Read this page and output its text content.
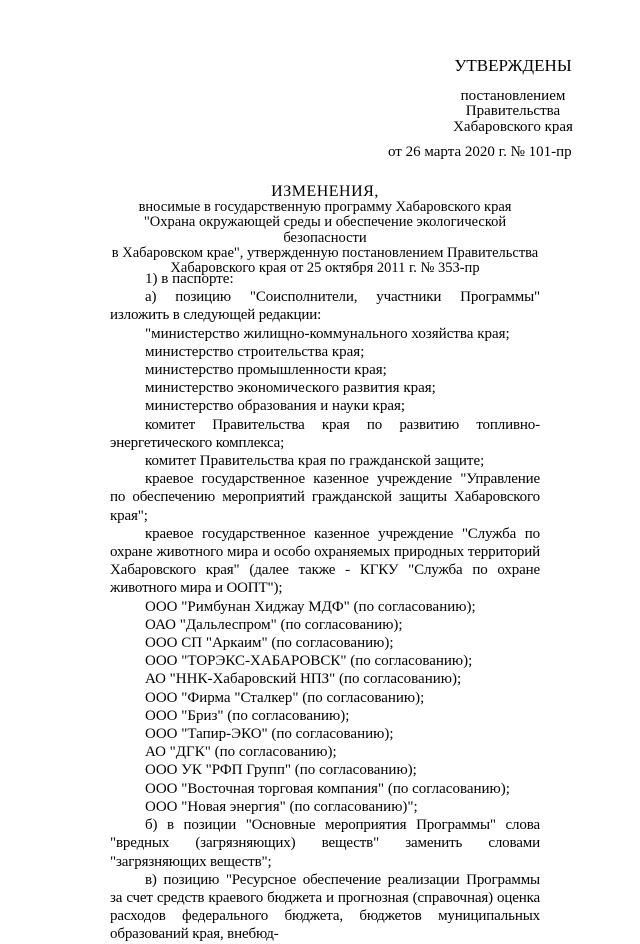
УТВЕРЖДЕНЫ
постановлением
Правительства
Хабаровского края
от 26 марта 2020 г. № 101-пр
ИЗМЕНЕНИЯ,
вносимые в государственную программу Хабаровского края
"Охрана окружающей среды и обеспечение экологической безопасности
в Хабаровском крае", утвержденную постановлением Правительства
Хабаровского края от 25 октября 2011 г. № 353-пр

1) в паспорте:

а) позицию "Соисполнители, участники Программы" изложить в следующей редакции:

"министерство жилищно-коммунального хозяйства края;

министерство строительства края;

министерство промышленности края;

министерство экономического развития края;

министерство образования и науки края;

комитет Правительства края по развитию топливно-энергетического комплекса;

комитет Правительства края по гражданской защите;

краевое государственное казенное учреждение "Управление по обеспечению мероприятий гражданской защиты Хабаровского края";

краевое государственное казенное учреждение "Служба по охране животного мира и особо охраняемых природных территорий Хабаровского края" (далее также - КГКУ "Служба по охране животного мира и ООПТ");

ООО "Римбунан Хиджау МДФ" (по согласованию);

ОАО "Дальлеспром" (по согласованию);

ООО СП "Аркаим" (по согласованию);

ООО "ТОРЭКС-ХАБАРОВСК" (по согласованию);

АО "ННК-Хабаровский НПЗ" (по согласованию);

ООО "Фирма "Сталкер" (по согласованию);

ООО "Бриз" (по согласованию);

ООО "Тапир-ЭКО" (по согласованию);

АО "ДГК" (по согласованию);

ООО УК "РФП Групп" (по согласованию);

ООО "Восточная торговая компания" (по согласованию);

ООО "Новая энергия" (по согласованию)";

б) в позиции "Основные мероприятия Программы" слова "вредных (загрязняющих) веществ" заменить словами "загрязняющих веществ";

в) позицию "Ресурсное обеспечение реализации Программы за счет средств краевого бюджета и прогнозная (справочная) оценка расходов федерального бюджета, бюджетов муниципальных образований края, внебюд-
